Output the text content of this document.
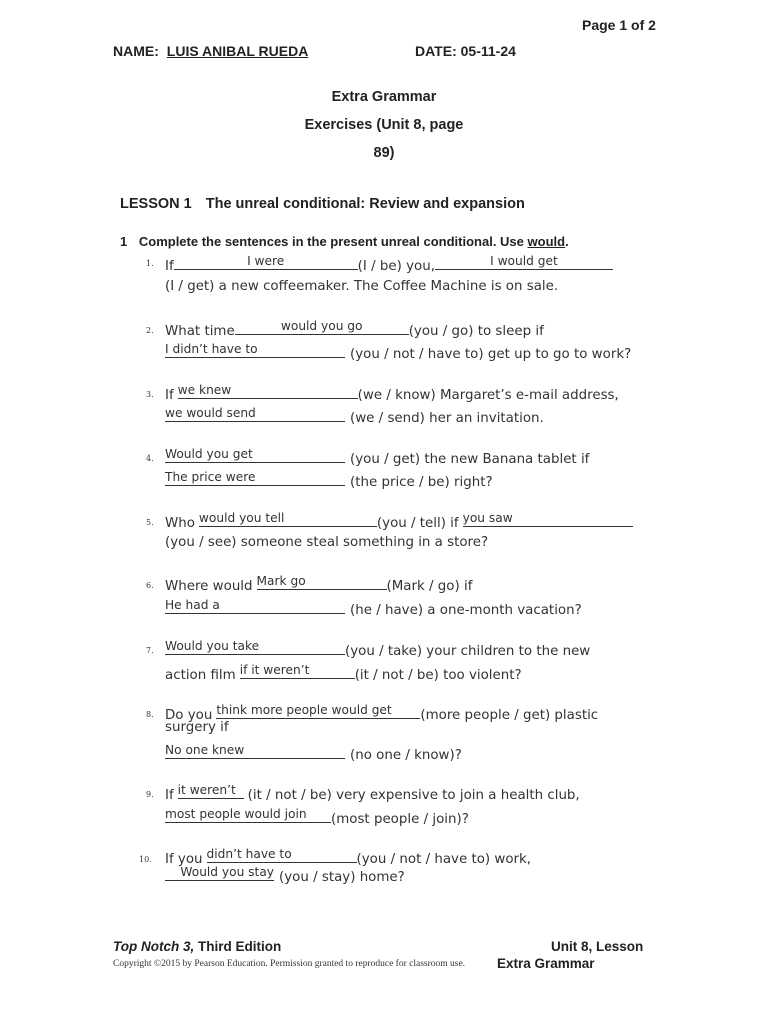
Page 1 of 2
NAME: LUIS ANIBAL RUEDA	DATE: 05-11-24
Extra Grammar
Exercises (Unit 8, page
89)
LESSON 1 The unreal conditional: Review and expansion
1 Complete the sentences in the present unreal conditional. Use would.
1. If	I were	(I / be) you,	I would get
(I / get) a new coffeemaker. The Coffee Machine is on sale.
2. What time	would you go	(you / go) to sleep if
I didn’t have to	(you / not / have to) get up to go to work?
3. If we knew	(we / know) Margaret’s e-mail address,
we would send	(we / send) her an invitation.
4. Would you get	(you / get) the new Banana tablet if
The price were	(the price / be) right?
5. Who would you tell	(you / tell) if you saw
(you / see) someone steal something in a store?
6. Where would Mark go	(Mark / go) if
He had a	(he / have) a one-month vacation?
7. Would you take	(you / take) your children to the new
action film if it weren’t	(it / not / be) too violent?
8. Do you think more people would get	(more people / get) plastic
surgery if
No one knew	(no one / know)?
9. If it weren’t (it / not / be) very expensive to join a health club,
most people would join	(most people / join)?
10. If you didn’t have to	(you / not / have to) work,
Would you stay (you / stay) home?
Top Notch 3, Third Edition	Unit 8, Lesson
Copyright ©2015 by Pearson Education. Permission granted to reproduce for classroom use. Extra Grammar
